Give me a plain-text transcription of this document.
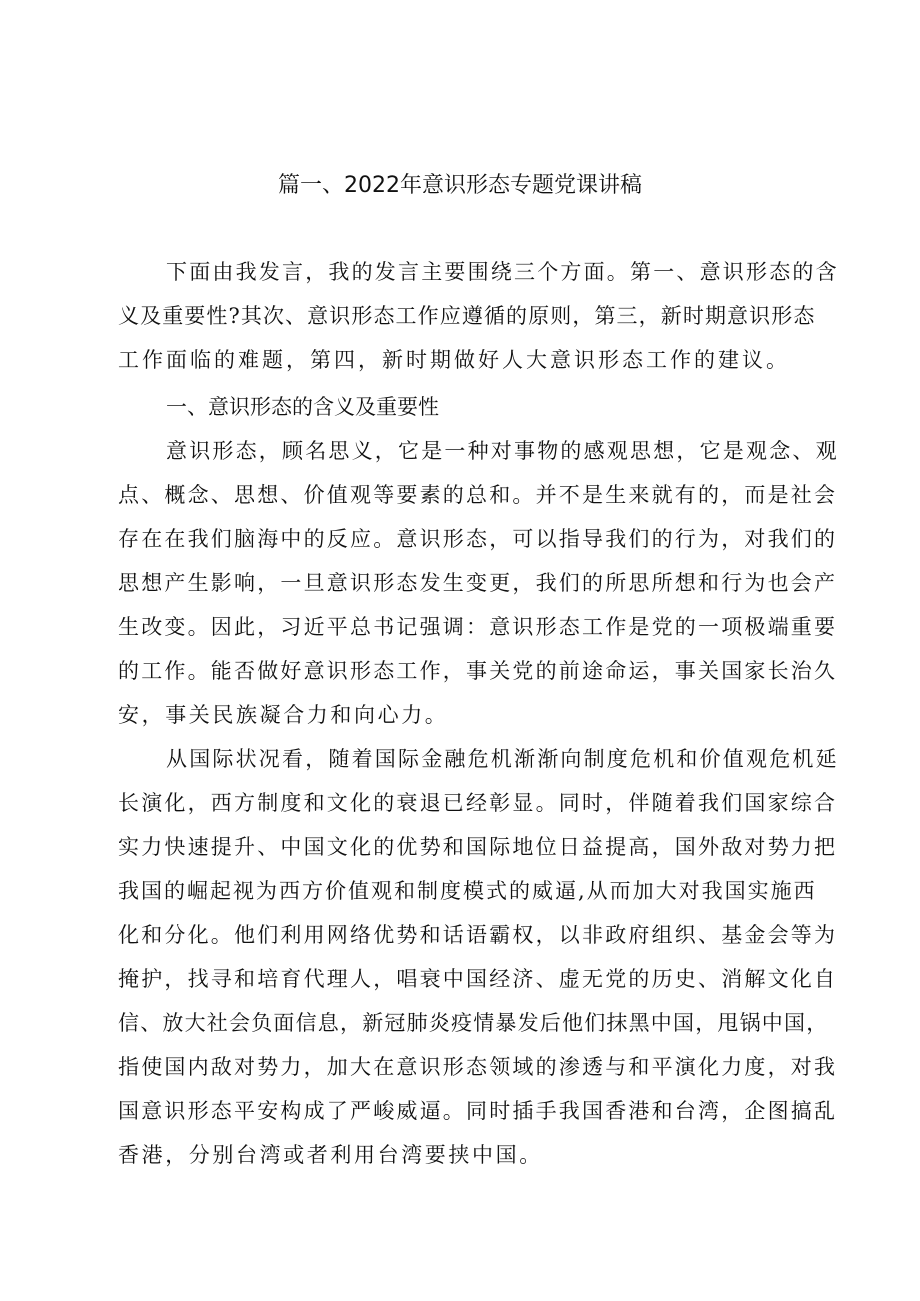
篇一、2022年意识形态专题党课讲稿
下面由我发言，我的发言主要围绕三个方面。第一、意识形态的含
义及重要性?其次、意识形态工作应遵循的原则，第三，新时期意识形态
工作面临的难题，第四，新时期做好人大意识形态工作的建议。
一、意识形态的含义及重要性
意识形态，顾名思义，它是一种对事物的感观思想，它是观念、观
点、概念、思想、价值观等要素的总和。并不是生来就有的，而是社会
存在在我们脑海中的反应。意识形态，可以指导我们的行为，对我们的
思想产生影响，一旦意识形态发生变更，我们的所思所想和行为也会产
生改变。因此，习近平总书记强调：意识形态工作是党的一项极端重要
的工作。能否做好意识形态工作，事关党的前途命运，事关国家长治久
安，事关民族凝合力和向心力。
从国际状况看，随着国际金融危机渐渐向制度危机和价值观危机延
长演化，西方制度和文化的衰退已经彰显。同时，伴随着我们国家综合
实力快速提升、中国文化的优势和国际地位日益提高，国外敌对势力把
我国的崛起视为西方价值观和制度模式的威逼,从而加大对我国实施西
化和分化。他们利用网络优势和话语霸权，以非政府组织、基金会等为
掩护，找寻和培育代理人，唱衰中国经济、虚无党的历史、消解文化自
信、放大社会负面信息，新冠肺炎疫情暴发后他们抹黑中国，甩锅中国，
指使国内敌对势力，加大在意识形态领域的渗透与和平演化力度，对我
国意识形态平安构成了严峻威逼。同时插手我国香港和台湾，企图搞乱
香港，分别台湾或者利用台湾要挟中国。
